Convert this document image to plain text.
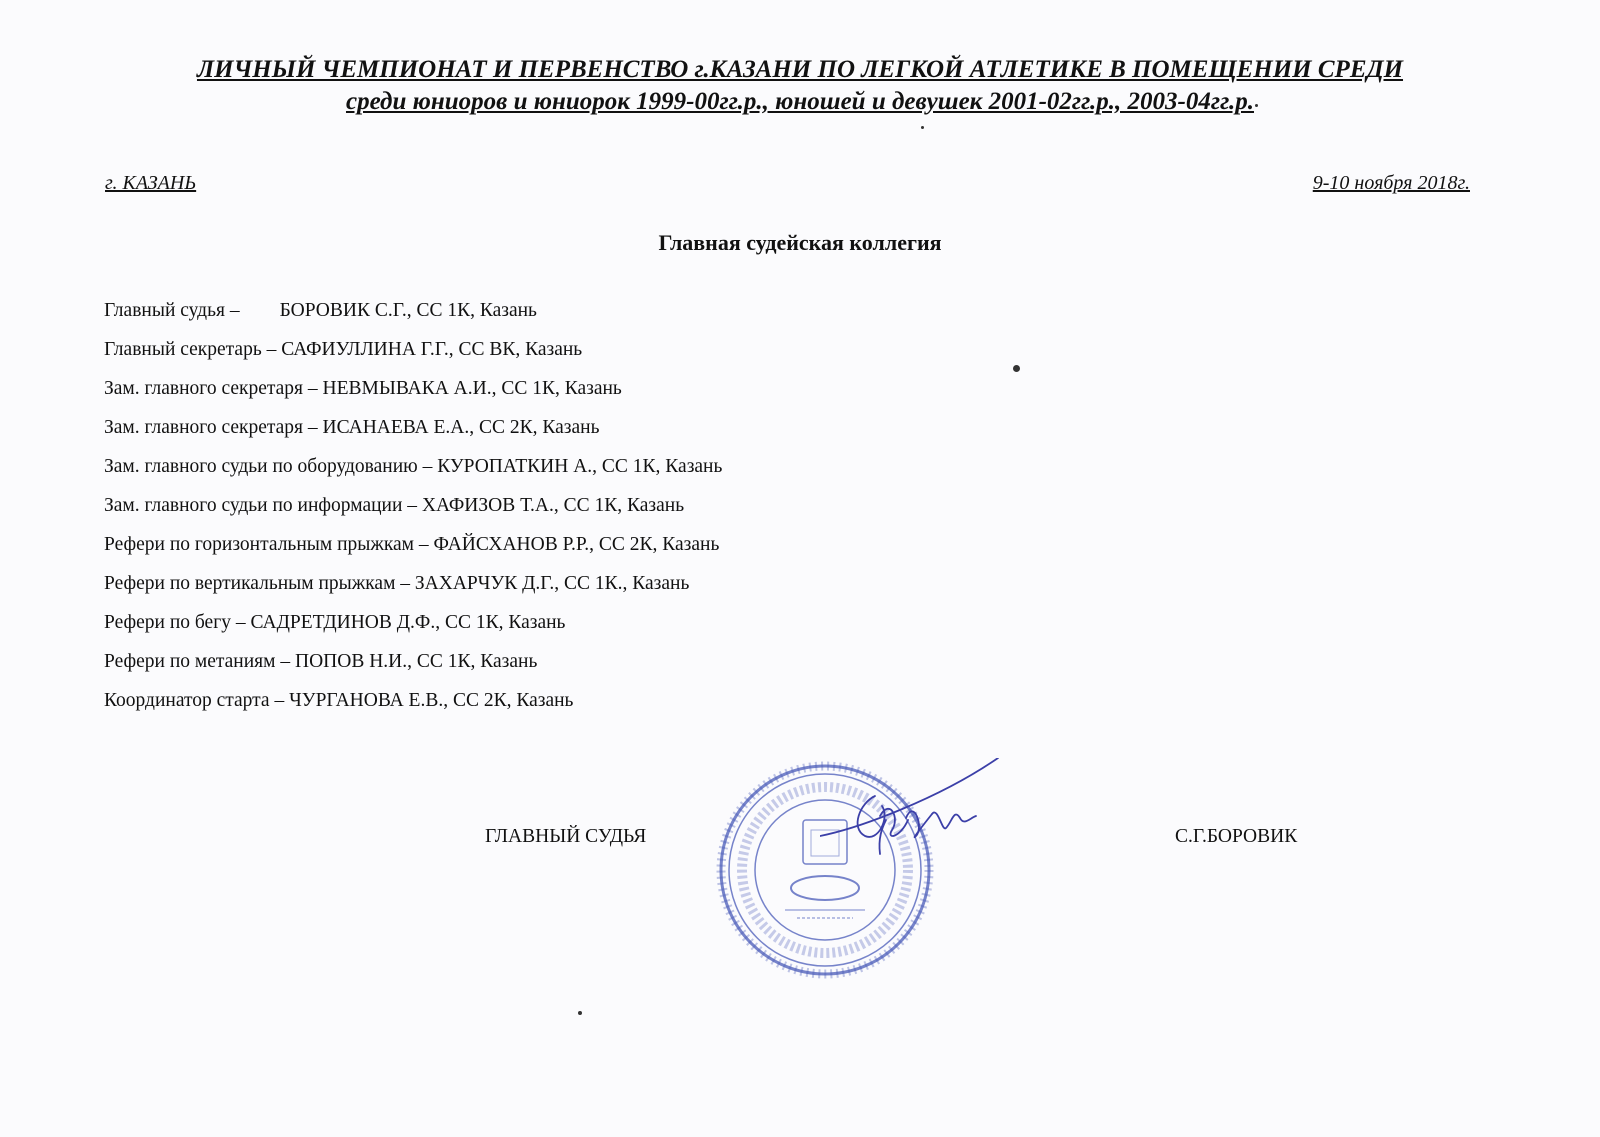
ЛИЧНЫЙ ЧЕМПИОНАТ И ПЕРВЕНСТВО г.КАЗАНИ ПО ЛЕГКОЙ АТЛЕТИКЕ В ПОМЕЩЕНИИ СРЕДИ
среди юниоров и юниорок 1999-00гг.р., юношей и девушек 2001-02гг.р., 2003-04гг.р.
г. КАЗАНЬ	9-10 ноября 2018г.
Главная судейская коллегия
Главный судья – БОРОВИК С.Г., СС 1К, Казань
Главный секретарь – САФИУЛЛИНА Г.Г., СС ВК, Казань
Зам. главного секретаря – НЕВМЫВАКА А.И., СС 1К, Казань
Зам. главного секретаря – ИСАНАЕВА Е.А., СС 2К, Казань
Зам. главного судьи по оборудованию – КУРОПАТКИН А., СС 1К, Казань
Зам. главного судьи по информации – ХАФИЗОВ Т.А., СС 1К, Казань
Рефери по горизонтальным прыжкам – ФАЙСХАНОВ Р.Р., СС 2К, Казань
Рефери по вертикальным прыжкам – ЗАХАРЧУК Д.Г., СС 1К., Казань
Рефери по бегу – САДРЕТДИНОВ Д.Ф., СС 1К, Казань
Рефери по метаниям – ПОПОВ Н.И., СС 1К, Казань
Координатор старта – ЧУРГАНОВА Е.В., СС 2К, Казань
ГЛАВНЫЙ СУДЬЯ	С.Г.БОРОВИК
